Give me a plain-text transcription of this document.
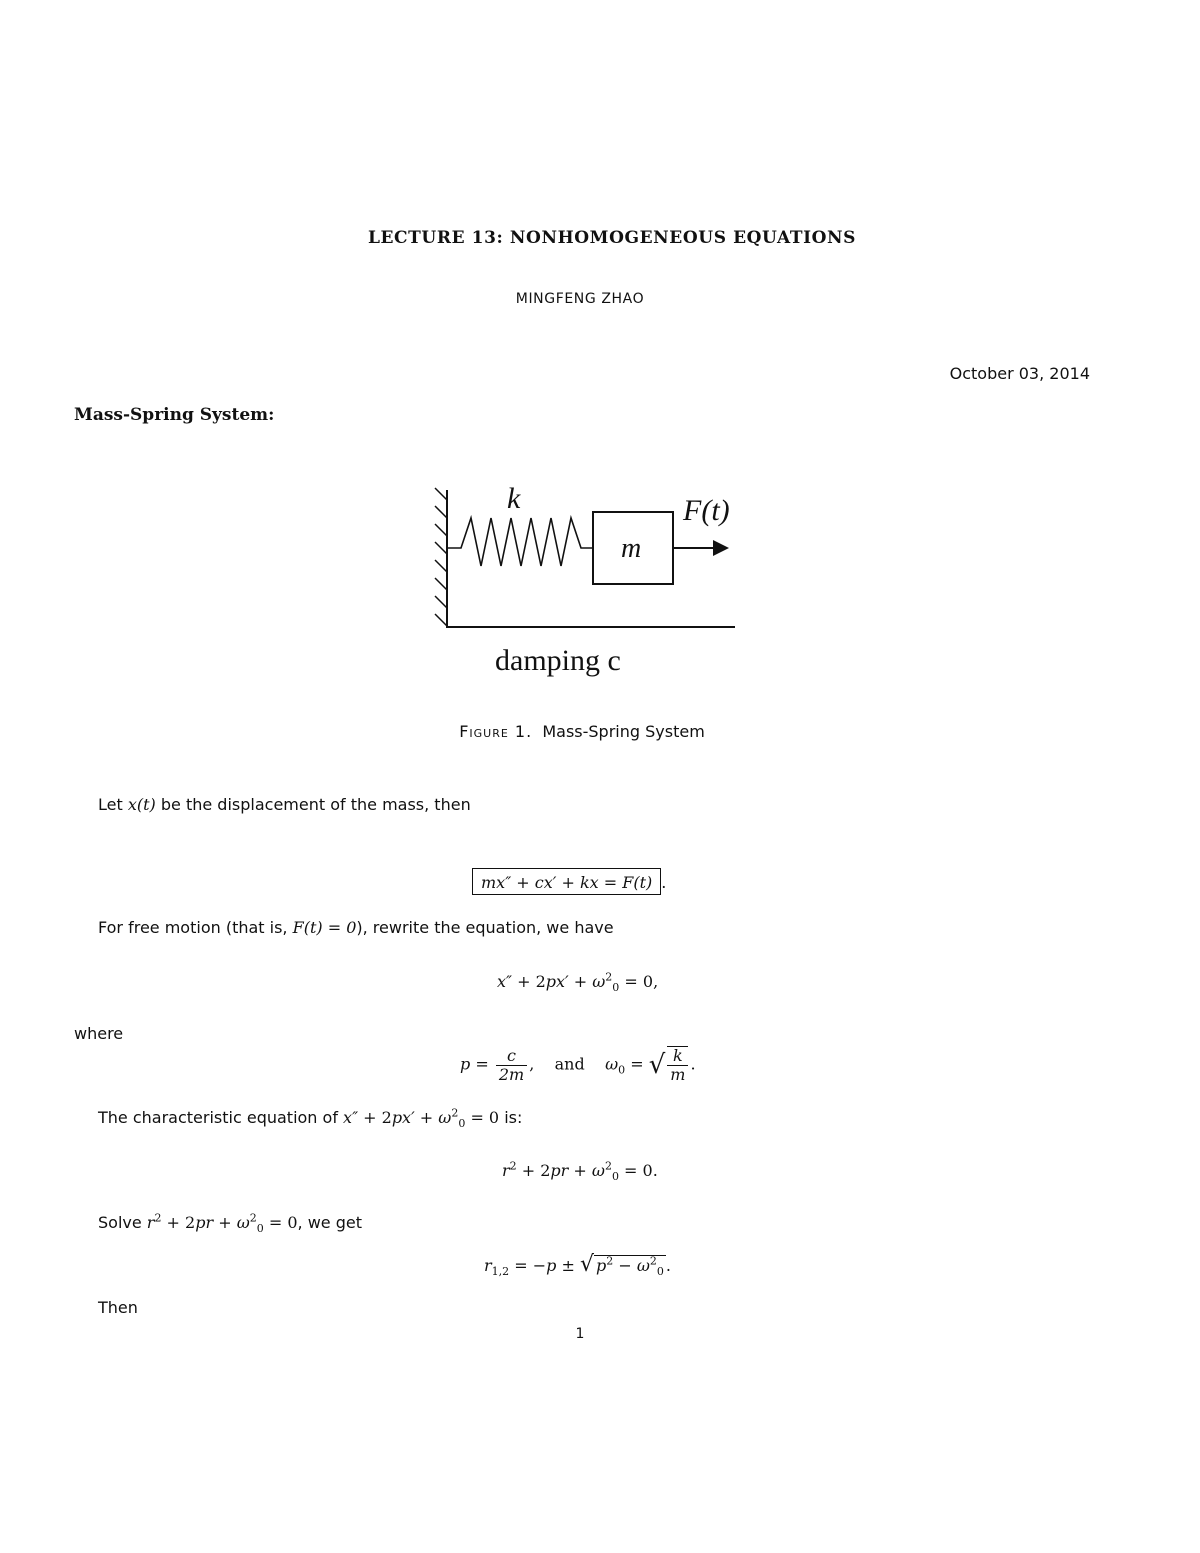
LECTURE 13: NONHOMOGENEOUS EQUATIONS
MINGFENG ZHAO
October 03, 2014
Mass-Spring System:
k
m
F(t)
damping c
Figure 1. Mass-Spring System
Let x(t) be the displacement of the mass, then
mx″ + cx′ + kx = F(t) .
For free motion (that is, F(t) = 0), rewrite the equation, we have
$x'' + 2px' + \omega^2_0 = 0$,
where
$p = \frac{c}{2m}$ , and    $\omega_0$ = √ $\frac{k}{m}$ .
The characteristic equation of $x'' + 2px' + \omega^2_0 = 0$ is:
$r^2 + 2pr + \omega^2_0 = 0$.
Solve $r^2 + 2pr + \omega^2_0 = 0$, we get
$r_{1,2} = -p$ ± √ $p^2 - \omega^2_0$ .
Then
1
